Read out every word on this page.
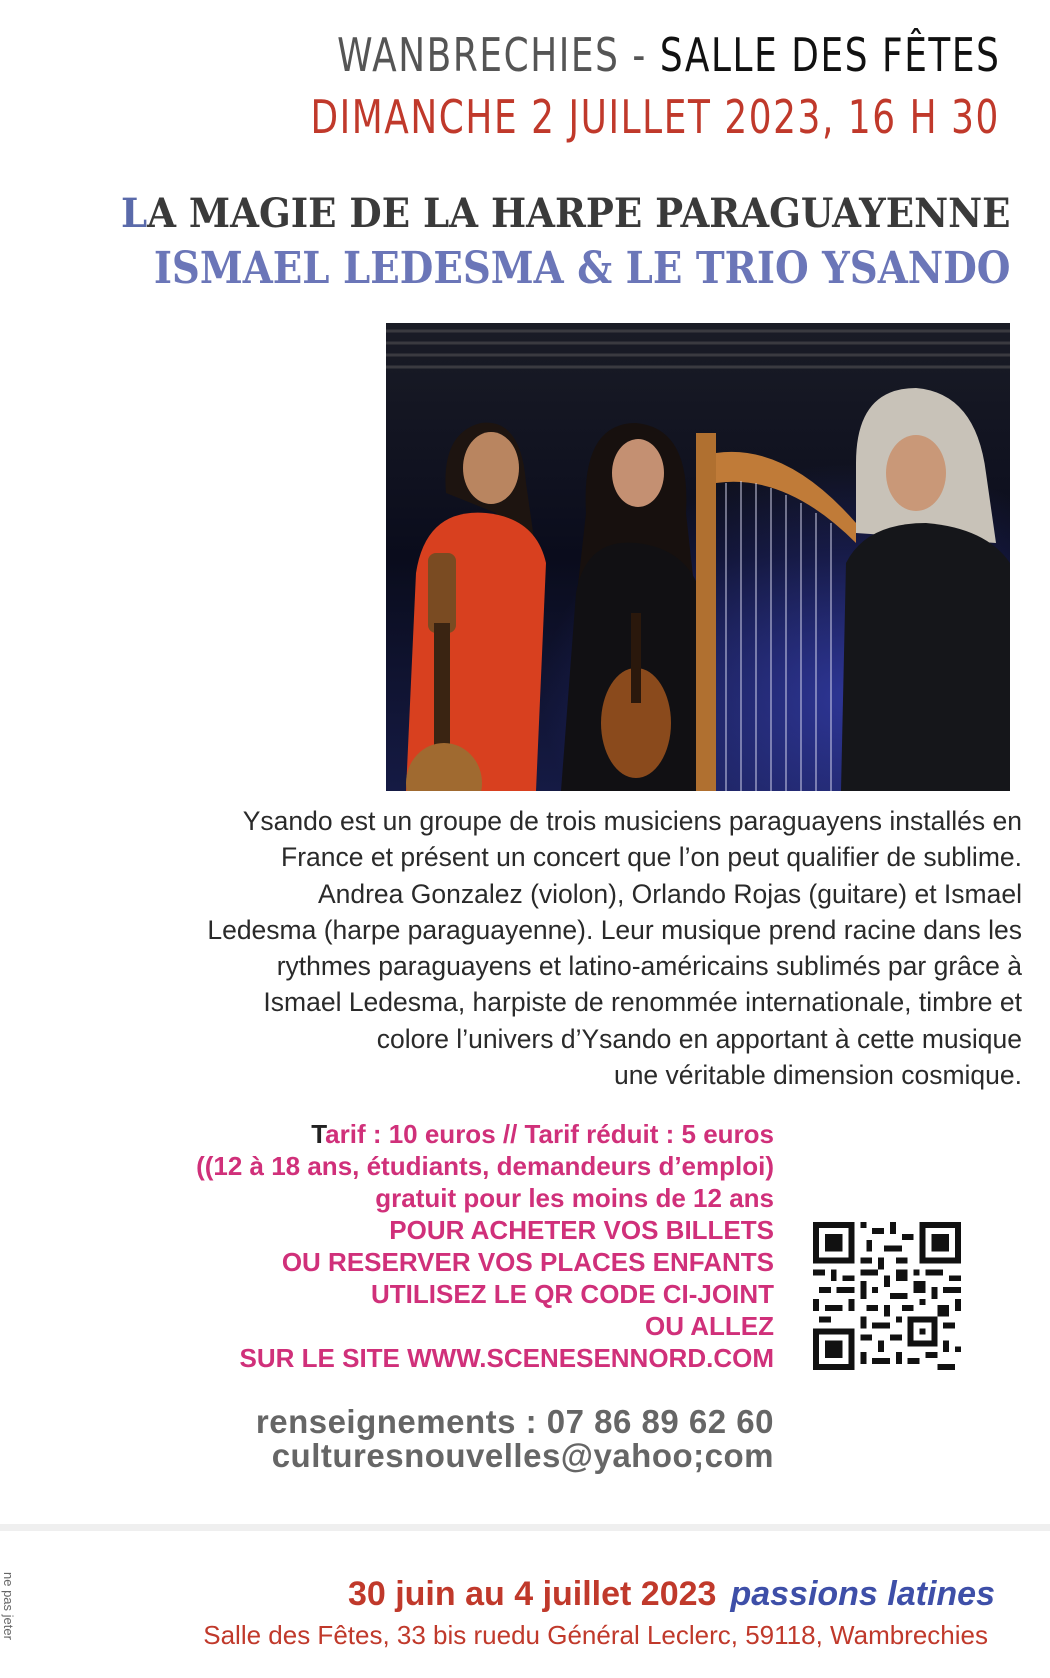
WANBRECHIES - SALLE DES FÊTES
DIMANCHE 2 JUILLET 2023, 16 H 30
LA MAGIE DE LA HARPE PARAGUAYENNE
ISMAEL LEDESMA & LE TRIO YSANDO
Ysando est un groupe de trois musiciens paraguayens installés en
France et présent un concert que l’on peut qualifier de sublime.
Andrea Gonzalez (violon), Orlando Rojas (guitare) et Ismael
Ledesma (harpe paraguayenne). Leur musique prend racine dans les
rythmes paraguayens et latino-américains sublimés par grâce à
Ismael Ledesma, harpiste de renommée internationale, timbre et
colore l’univers d’Ysando en apportant à cette musique
une véritable dimension cosmique.
Tarif : 10 euros // Tarif réduit : 5 euros
((12 à 18 ans, étudiants, demandeurs d’emploi)
gratuit pour les moins de 12 ans
POUR ACHETER VOS BILLETS
OU RESERVER VOS PLACES ENFANTS
UTILISEZ LE QR CODE CI-JOINT
OU ALLEZ
SUR LE SITE WWW.SCENESENNORD.COM
renseignements : 07 86 89 62 60
culturesnouvelles@yahoo;com
ne pas jeter	30 juin au 4 juillet 2023 passions latines
Salle des Fêtes, 33 bis ruedu Général Leclerc, 59118, Wambrechies
